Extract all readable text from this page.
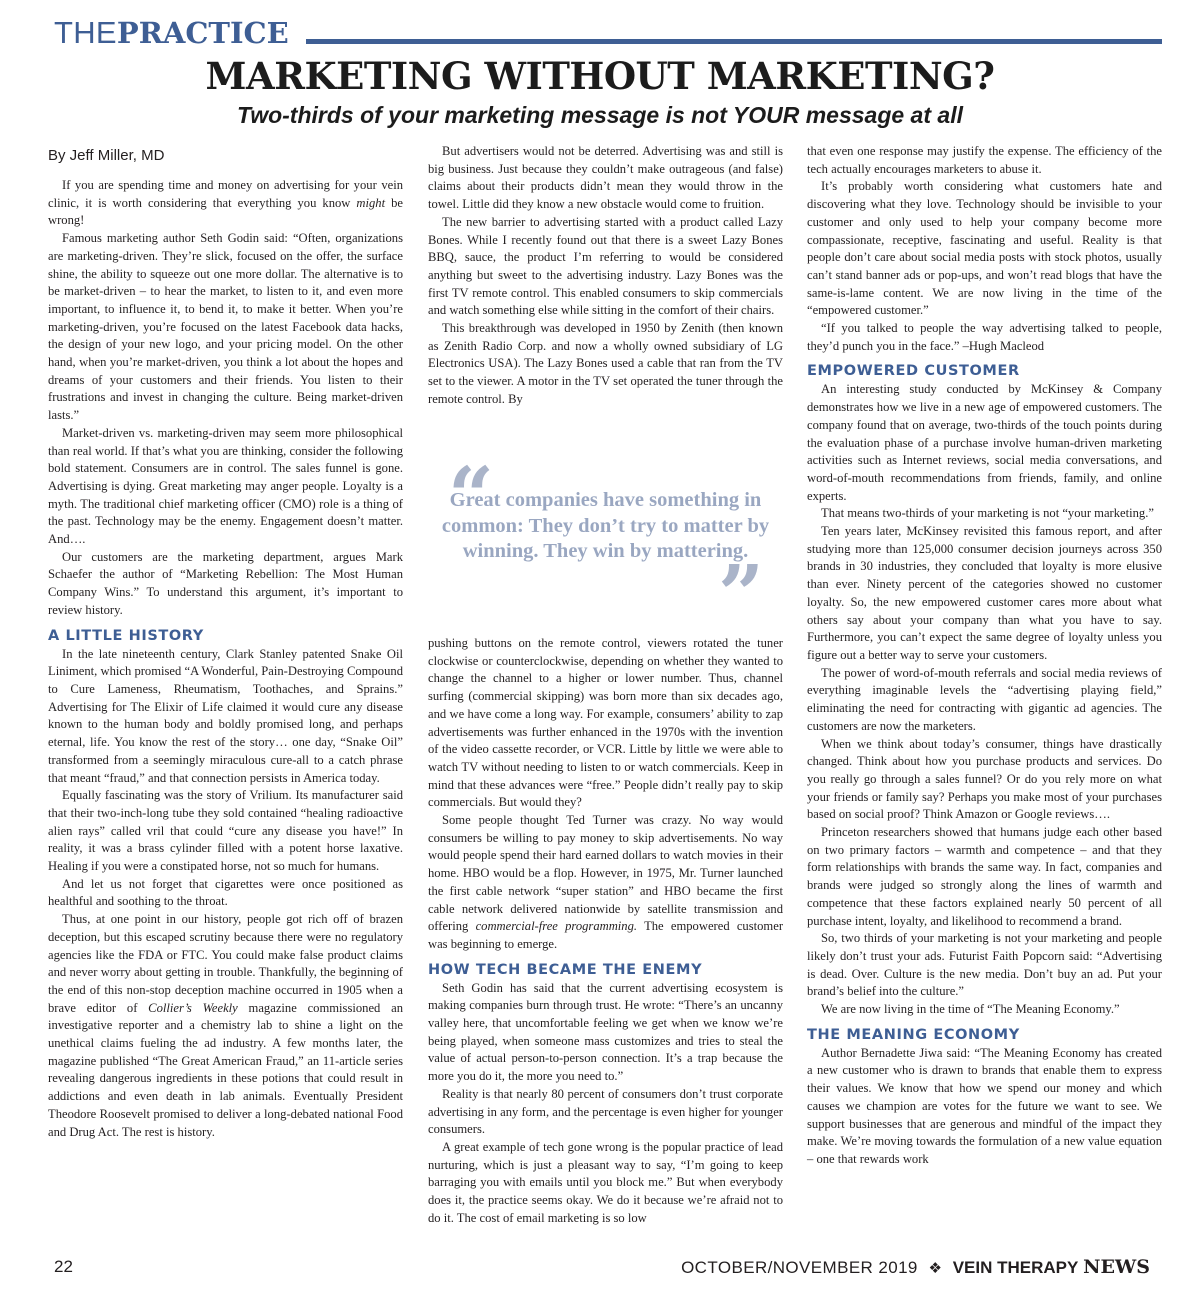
THEPRACTICE
MARKETING WITHOUT MARKETING?
Two-thirds of your marketing message is not YOUR message at all
By Jeff Miller, MD

If you are spending time and money on advertising for your vein clinic, it is worth considering that everything you know might be wrong!

Famous marketing author Seth Godin said: “Often, organizations are marketing-driven. They’re slick, focused on the offer, the surface shine, the ability to squeeze out one more dollar. The alternative is to be market-driven – to hear the market, to listen to it, and even more important, to influence it, to bend it, to make it better. When you’re marketing-driven, you’re focused on the latest Facebook data hacks, the design of your new logo, and your pricing model. On the other hand, when you’re market-driven, you think a lot about the hopes and dreams of your customers and their friends. You listen to their frustrations and invest in changing the culture. Being market-driven lasts.”

Market-driven vs. marketing-driven may seem more philosophical than real world. If that’s what you are thinking, consider the following bold statement. Consumers are in control. The sales funnel is gone. Advertising is dying. Great marketing may anger people. Loyalty is a myth. The traditional chief marketing officer (CMO) role is a thing of the past. Technology may be the enemy. Engagement doesn’t matter. And….

Our customers are the marketing department, argues Mark Schaefer the author of “Marketing Rebellion: The Most Human Company Wins.” To understand this argument, it’s important to review history.

A LITTLE HISTORY

In the late nineteenth century, Clark Stanley patented Snake Oil Liniment, which promised “A Wonderful, Pain-Destroying Compound to Cure Lameness, Rheumatism, Toothaches, and Sprains.” Advertising for The Elixir of Life claimed it would cure any disease known to the human body and boldly promised long, and perhaps eternal, life. You know the rest of the story… one day, “Snake Oil” transformed from a seemingly miraculous cure-all to a catch phrase that meant “fraud,” and that connection persists in America today.

Equally fascinating was the story of Vrilium. Its manufacturer said that their two-inch-long tube they sold contained “healing radioactive alien rays” called vril that could “cure any disease you have!” In reality, it was a brass cylinder filled with a potent horse laxative. Healing if you were a constipated horse, not so much for humans.

And let us not forget that cigarettes were once positioned as healthful and soothing to the throat.

Thus, at one point in our history, people got rich off of brazen deception, but this escaped scrutiny because there were no regulatory agencies like the FDA or FTC. You could make false product claims and never worry about getting in trouble. Thankfully, the beginning of the end of this non-stop deception machine occurred in 1905 when a brave editor of Collier’s Weekly magazine commissioned an investigative reporter and a chemistry lab to shine a light on the unethical claims fueling the ad industry. A few months later, the magazine published “The Great American Fraud,” an 11-article series revealing dangerous ingredients in these potions that could result in addictions and even death in lab animals. Eventually President Theodore Roosevelt promised to deliver a long-debated national Food and Drug Act. The rest is history.

But advertisers would not be deterred. Advertising was and still is big business. Just because they couldn’t make outrageous (and false) claims about their products didn’t mean they would throw in the towel. Little did they know a new obstacle would come to fruition.

The new barrier to advertising started with a product called Lazy Bones. While I recently found out that there is a sweet Lazy Bones BBQ, sauce, the product I’m referring to would be considered anything but sweet to the advertising industry. Lazy Bones was the first TV remote control. This enabled consumers to skip commercials and watch something else while sitting in the comfort of their chairs.

This breakthrough was developed in 1950 by Zenith (then known as Zenith Radio Corp. and now a wholly owned subsidiary of LG Electronics USA). The Lazy Bones used a cable that ran from the TV set to the viewer. A motor in the TV set operated the tuner through the remote control. By

“
Great companies have something in common: They don’t try to matter by winning. They win by mattering.
”

pushing buttons on the remote control, viewers rotated the tuner clockwise or counterclockwise, depending on whether they wanted to change the channel to a higher or lower number. Thus, channel surfing (commercial skipping) was born more than six decades ago, and we have come a long way. For example, consumers’ ability to zap advertisements was further enhanced in the 1970s with the invention of the video cassette recorder, or VCR. Little by little we were able to watch TV without needing to listen to or watch commercials. Keep in mind that these advances were “free.” People didn’t really pay to skip commercials. But would they?

Some people thought Ted Turner was crazy. No way would consumers be willing to pay money to skip advertisements. No way would people spend their hard earned dollars to watch movies in their home. HBO would be a flop. However, in 1975, Mr. Turner launched the first cable network “super station” and HBO became the first cable network delivered nationwide by satellite transmission and offering commercial-free programming. The empowered customer was beginning to emerge.

HOW TECH BECAME THE ENEMY

Seth Godin has said that the current advertising ecosystem is making companies burn through trust. He wrote: “There’s an uncanny valley here, that uncomfortable feeling we get when we know we’re being played, when someone mass customizes and tries to steal the value of actual person-to-person connection. It’s a trap because the more you do it, the more you need to.”

Reality is that nearly 80 percent of consumers don’t trust corporate advertising in any form, and the percentage is even higher for younger consumers.

A great example of tech gone wrong is the popular practice of lead nurturing, which is just a pleasant way to say, “I’m going to keep barraging you with emails until you block me.” But when everybody does it, the practice seems okay. We do it because we’re afraid not to do it. The cost of email marketing is so low

that even one response may justify the expense. The efficiency of the tech actually encourages marketers to abuse it.

It’s probably worth considering what customers hate and discovering what they love. Technology should be invisible to your customer and only used to help your company become more compassionate, receptive, fascinating and useful. Reality is that people don’t care about social media posts with stock photos, usually can’t stand banner ads or pop-ups, and won’t read blogs that have the same-is-lame content. We are now living in the time of the “empowered customer.”

“If you talked to people the way advertising talked to people, they’d punch you in the face.” –Hugh Macleod

EMPOWERED CUSTOMER

An interesting study conducted by McKinsey & Company demonstrates how we live in a new age of empowered customers. The company found that on average, two-thirds of the touch points during the evaluation phase of a purchase involve human-driven marketing activities such as Internet reviews, social media conversations, and word-of-mouth recommendations from friends, family, and online experts.

That means two-thirds of your marketing is not “your marketing.”

Ten years later, McKinsey revisited this famous report, and after studying more than 125,000 consumer decision journeys across 350 brands in 30 industries, they concluded that loyalty is more elusive than ever. Ninety percent of the categories showed no customer loyalty. So, the new empowered customer cares more about what others say about your company than what you have to say. Furthermore, you can’t expect the same degree of loyalty unless you figure out a better way to serve your customers.

The power of word-of-mouth referrals and social media reviews of everything imaginable levels the “advertising playing field,” eliminating the need for contracting with gigantic ad agencies. The customers are now the marketers.

When we think about today’s consumer, things have drastically changed. Think about how you purchase products and services. Do you really go through a sales funnel? Or do you rely more on what your friends or family say? Perhaps you make most of your purchases based on social proof? Think Amazon or Google reviews….

Princeton researchers showed that humans judge each other based on two primary factors – warmth and competence – and that they form relationships with brands the same way. In fact, companies and brands were judged so strongly along the lines of warmth and competence that these factors explained nearly 50 percent of all purchase intent, loyalty, and likelihood to recommend a brand.

So, two thirds of your marketing is not your marketing and people likely don’t trust your ads. Futurist Faith Popcorn said: “Advertising is dead. Over. Culture is the new media. Don’t buy an ad. Put your brand’s belief into the culture.”

We are now living in the time of “The Meaning Economy.”

THE MEANING ECONOMY

Author Bernadette Jiwa said: “The Meaning Economy has created a new customer who is drawn to brands that enable them to express their values. We know that how we spend our money and which causes we champion are votes for the future we want to see. We support businesses that are generous and mindful of the impact they make. We’re moving towards the formulation of a new value equation – one that rewards work

22	OCTOBER/NOVEMBER 2019 ❖ VEIN THERAPY NEWS
